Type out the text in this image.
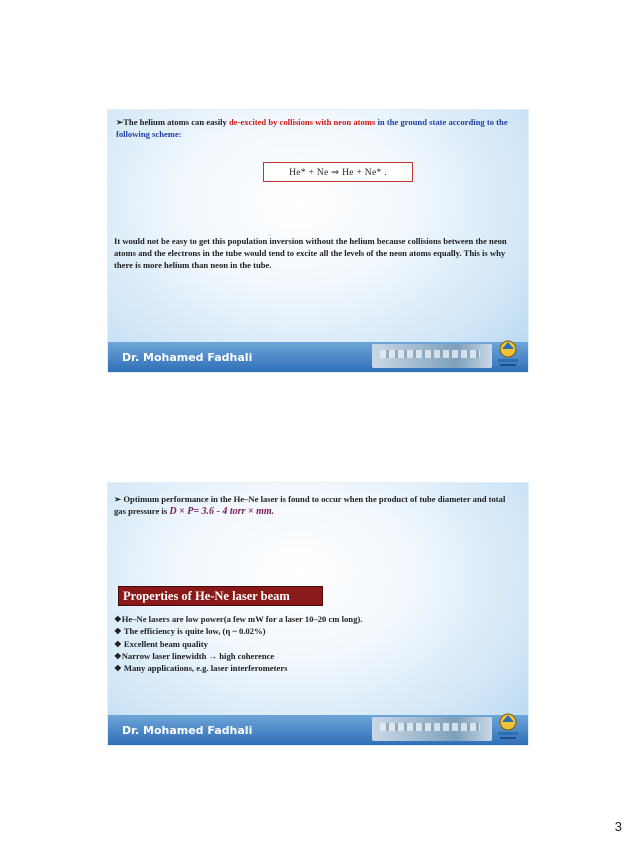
➢The helium atoms can easily de-excited by collisions with neon atoms in the ground state according to the following scheme:
He* + Ne ⇒ He + Ne* .
It would not be easy to get this population inversion without the helium because collisions between the neon atoms and the electrons in the tube would tend to excite all the levels of the neon atoms equally. This is why there is more helium than neon in the tube.
Dr. Mohamed Fadhali
➢ Optimum performance in the He–Ne laser is found to occur when the product of tube diameter and total gas pressure is D × P= 3.6 - 4 torr × mm.
Properties of He-Ne laser beam
❖He–Ne lasers are low power(a few mW for a laser 10–20 cm long).
❖ The efficiency is quite low, (η ~ 0.02%)
❖ Excellent beam quality
❖Narrow laser linewidth → high coherence
❖ Many applications, e.g. laser interferometers
Dr. Mohamed Fadhali
3
